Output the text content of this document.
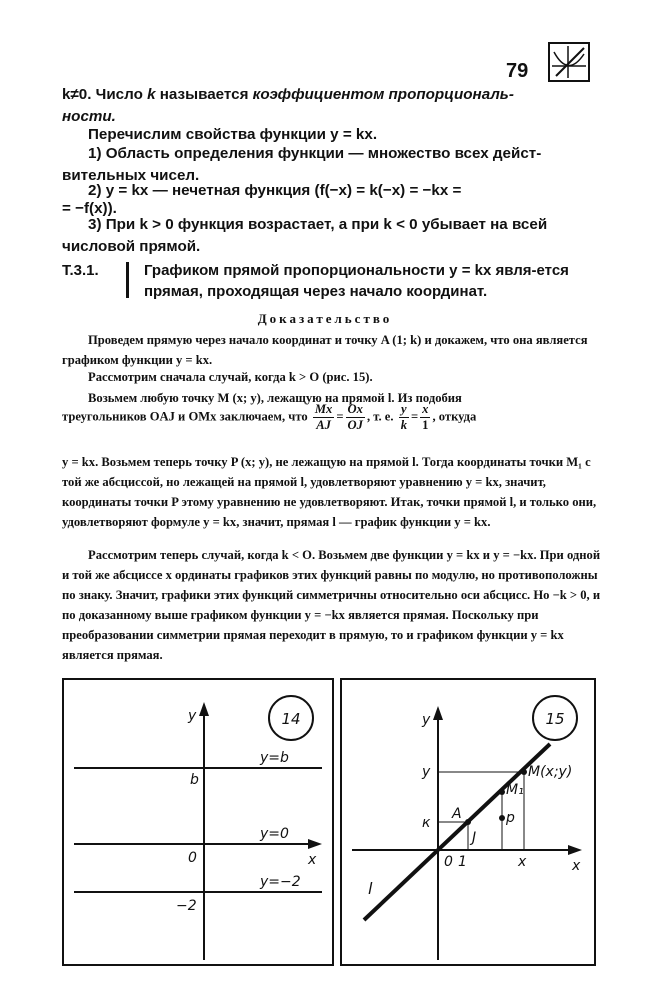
79
k≠0. Число k называется коэффициентом пропорциональ-
ности.
Перечислим свойства функции y = kx.
1) Область определения функции — множество всех дейст-вительных чисел.
2) y = kx — нечетная функция (f(−x) = k(−x) = −kx =
= −f(x)).
3) При k > 0 функция возрастает, а при k < 0 убывает на всей числовой прямой.
Т.3.1.	Графиком прямой пропорциональности y = kx явля-ется прямая, проходящая через начало координат.
Доказательство
Проведем прямую через начало координат и точку A (1; k) и докажем, что она является графиком функции y = kx.
Рассмотрим сначала случай, когда k > O (рис. 15).
Возьмем любую точку M (x; y), лежащую на прямой l. Из подобия
треугольников OAJ и OMx заключаем, что $\frac{Mx}{AJ} = \frac{Ox}{OJ}$ , т. е. $\frac{y}{k} = \frac{x}{1}$ , откуда
y = kx. Возьмем теперь точку P (x; y), не лежащую на прямой l. Тогда координаты точки M₁ с той же абсциссой, но лежащей на прямой l, удовлетворяют уравнению y = kx, значит, координаты точки P этому уравнению не удовлетворяют. Итак, точки прямой l, и только они, удовлетворяют формуле y = kx, значит, прямая l — график функции y = kx.
Рассмотрим теперь случай, когда k < O. Возьмем две функции y = kx и y = −kx. При одной и той же абсциссе x ординаты графиков этих функций равны по модулю, но противоположны по знаку. Значит, графики этих функций симметричны относительно оси абсцисс. Но −k > 0, и по доказанному выше графиком функции y = −kx является прямая. Поскольку при преобразовании симметрии прямая переходит в прямую, то и графиком функции y = kx является прямая.
14
y
x
0
b
−2
y=b
y=0
y=−2
15
y
x
0 1	x
y
к
A
J
M₁
p
M(x;y)
l
